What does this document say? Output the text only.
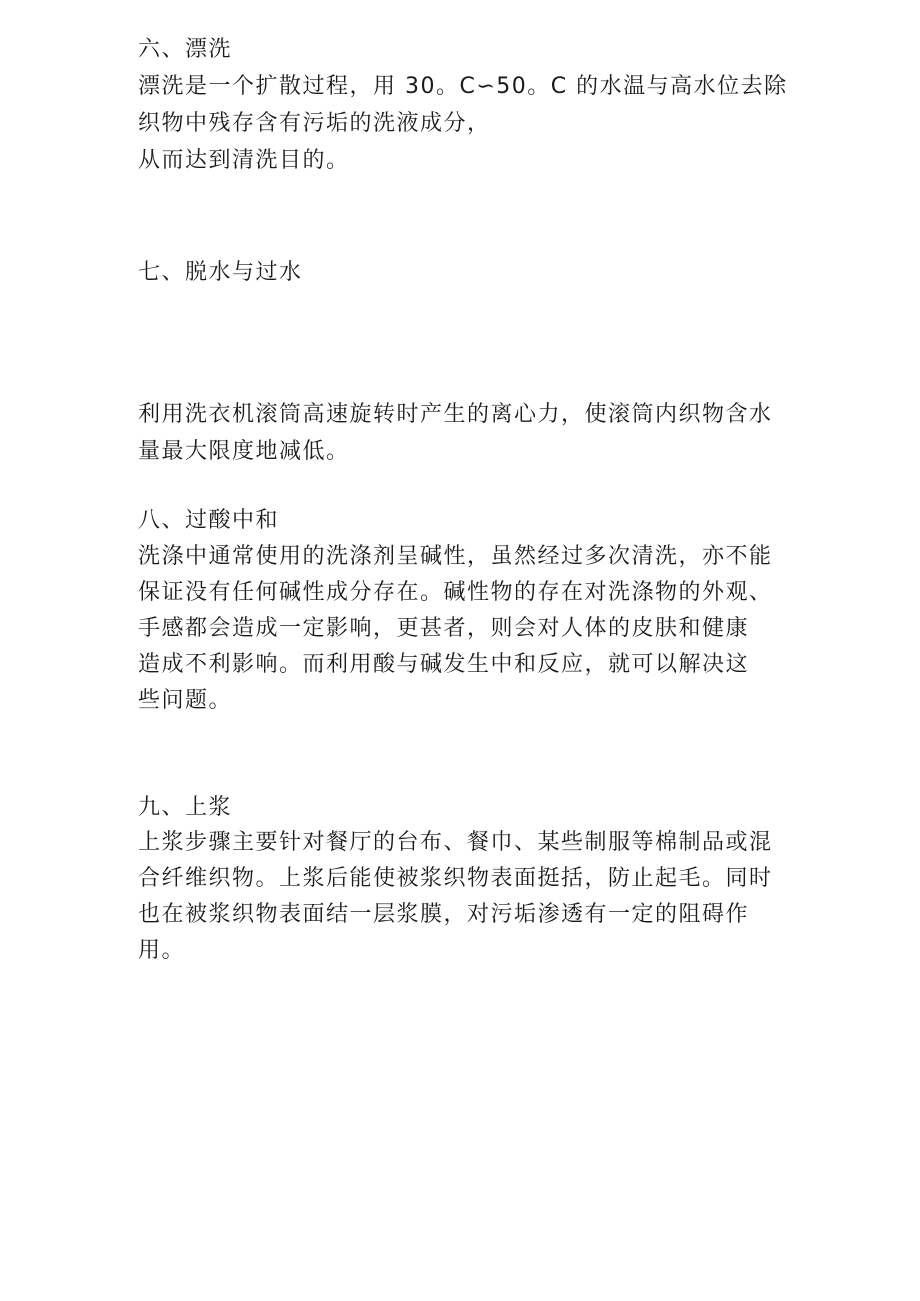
六、漂洗
漂洗是一个扩散过程，用 30。C∽50。C 的水温与高水位去除
织物中残存含有污垢的洗液成分，
从而达到清洗目的。
七、脱水与过水
利用洗衣机滚筒高速旋转时产生的离心力，使滚筒内织物含水
量最大限度地减低。
八、过酸中和
洗涤中通常使用的洗涤剂呈碱性，虽然经过多次清洗，亦不能
保证没有任何碱性成分存在。碱性物的存在对洗涤物的外观、
手感都会造成一定影响，更甚者，则会对人体的皮肤和健康
造成不利影响。而利用酸与碱发生中和反应，就可以解决这
些问题。
九、上浆
上浆步骤主要针对餐厅的台布、餐巾、某些制服等棉制品或混
合纤维织物。上浆后能使被浆织物表面挺括，防止起毛。同时
也在被浆织物表面结一层浆膜，对污垢渗透有一定的阻碍作
用。
